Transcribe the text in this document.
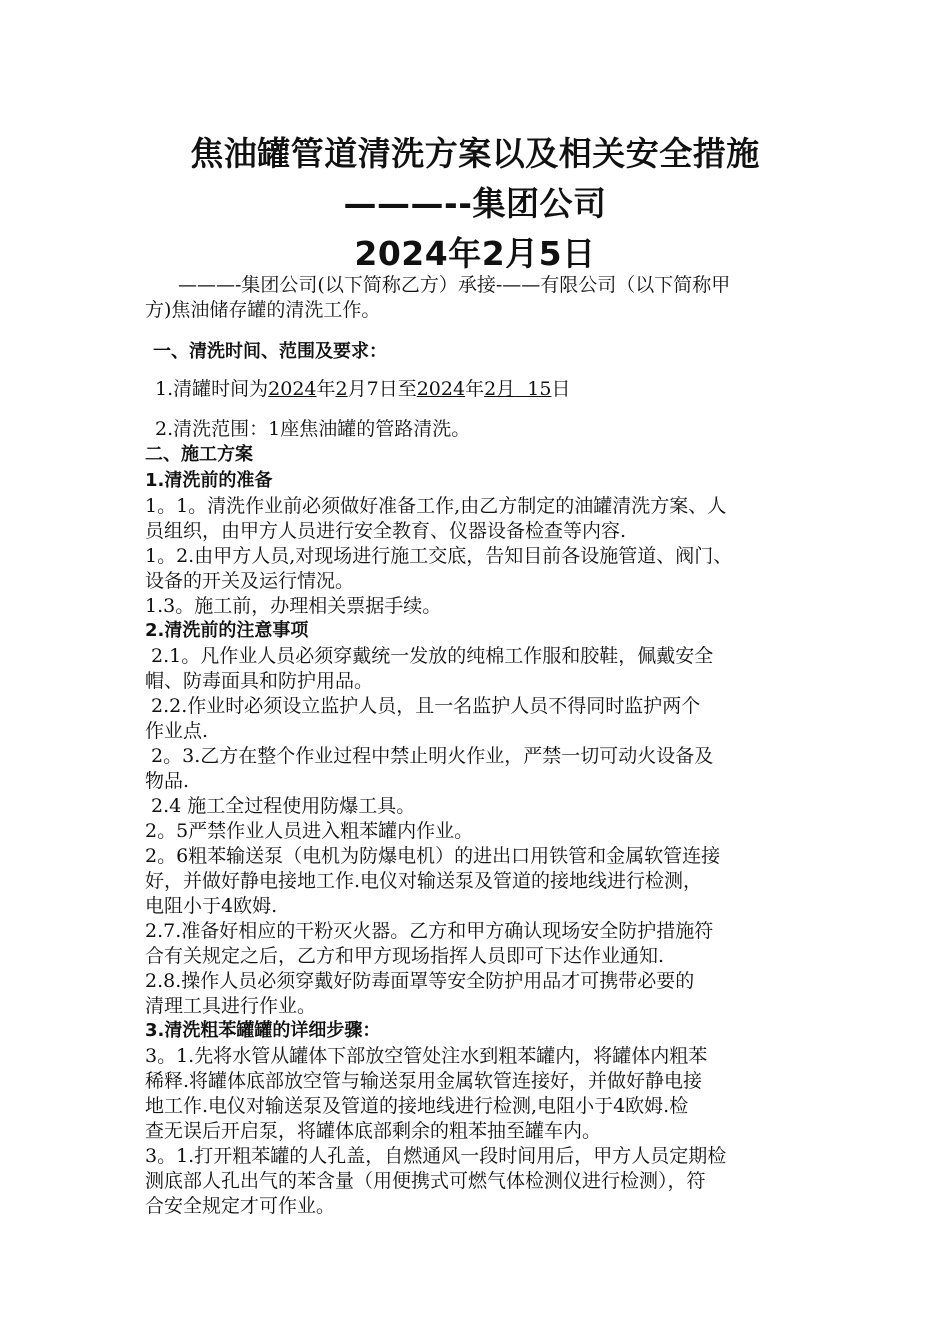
焦油罐管道清洗方案以及相关安全措施
———--集团公司
2024年2月5日
———-集团公司(以下简称乙方）承接-——有限公司（以下简称甲
方)焦油储存罐的清洗工作。
一、清洗时间、范围及要求：
1.清罐时间为2024年2月7日至2024年2月  15日
2.清洗范围：1座焦油罐的管路清洗。
二、施工方案
1.清洗前的准备
1。1。清洗作业前必须做好准备工作,由乙方制定的油罐清洗方案、人
员组织，由甲方人员进行安全教育、仪器设备检查等内容.
1。2.由甲方人员,对现场进行施工交底，告知目前各设施管道、阀门、
设备的开关及运行情况。
1.3。施工前，办理相关票据手续。
2.清洗前的注意事项
2.1。凡作业人员必须穿戴统一发放的纯棉工作服和胶鞋，佩戴安全
帽、防毒面具和防护用品。
2.2.作业时必须设立监护人员，且一名监护人员不得同时监护两个
作业点.
2。3.乙方在整个作业过程中禁止明火作业，严禁一切可动火设备及
物品.
2.4 施工全过程使用防爆工具。
2。5严禁作业人员进入粗苯罐内作业。
2。6粗苯输送泵（电机为防爆电机）的进出口用铁管和金属软管连接
好，并做好静电接地工作.电仪对输送泵及管道的接地线进行检测，
电阻小于4欧姆.
2.7.准备好相应的干粉灭火器。乙方和甲方确认现场安全防护措施符
合有关规定之后，乙方和甲方现场指挥人员即可下达作业通知.
2.8.操作人员必须穿戴好防毒面罩等安全防护用品才可携带必要的
清理工具进行作业。
3.清洗粗苯罐罐的详细步骤：
3。1.先将水管从罐体下部放空管处注水到粗苯罐内，将罐体内粗苯
稀释.将罐体底部放空管与输送泵用金属软管连接好，并做好静电接
地工作.电仪对输送泵及管道的接地线进行检测,电阻小于4欧姆.检
查无误后开启泵，将罐体底部剩余的粗苯抽至罐车内。
3。1.打开粗苯罐的人孔盖，自燃通风一段时间用后，甲方人员定期检
测底部人孔出气的苯含量（用便携式可燃气体检测仪进行检测），符
合安全规定才可作业。
